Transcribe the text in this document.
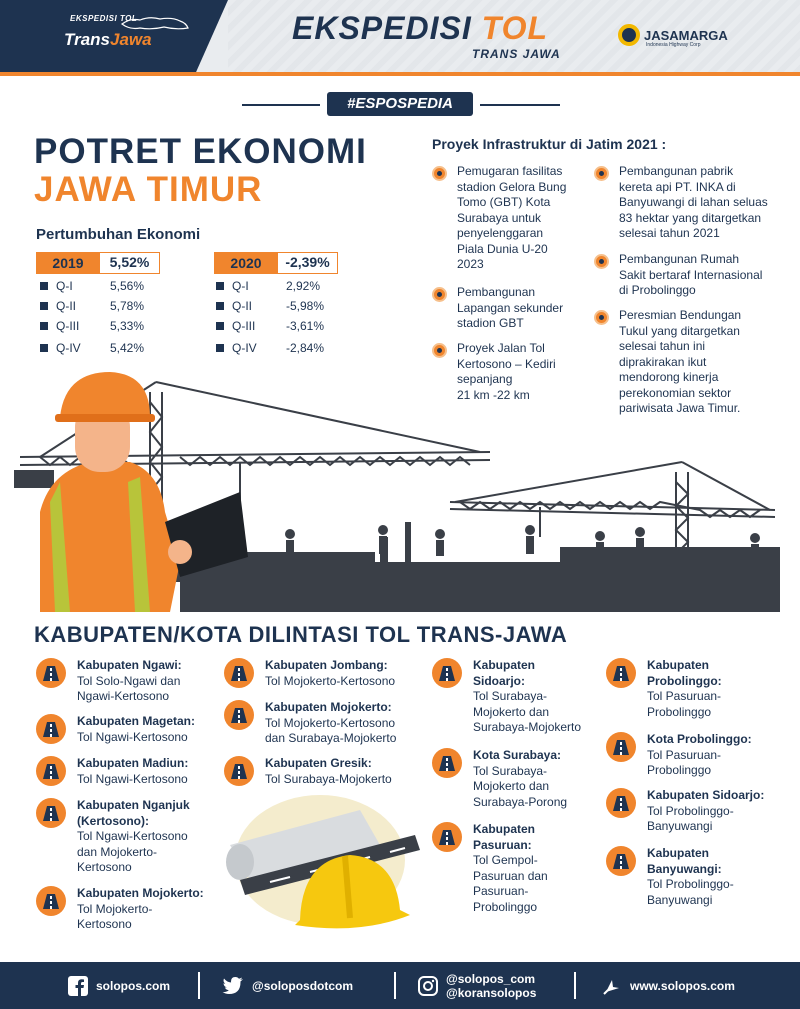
EKSPEDISI TOL
TransJawa	EKSPEDISI TOL
TRANS JAWA
JASAMARGA
Indonesia Highway Corp
#ESPOSPEDIA
POTRET EKONOMI
JAWA TIMUR
Pertumbuhan Ekonomi
2019	5,52%
Q-I	5,56%
Q-II	5,78%
Q-III	5,33%
Q-IV	5,42%
2020	-2,39%
Q-I	2,92%
Q-II	-5,98%
Q-III	-3,61%
Q-IV	-2,84%
Proyek Infrastruktur di Jatim 2021 :
Pemugaran fasilitas
stadion Gelora Bung
Tomo (GBT) Kota
Surabaya untuk
penyelenggaran
Piala Dunia U-20
2023
Pembangunan
Lapangan sekunder
stadion GBT
Proyek Jalan Tol
Kertosono – Kediri
sepanjang
21 km -22 km
Pembangunan pabrik
kereta api PT. INKA di
Banyuwangi di lahan seluas
83 hektar yang ditargetkan
selesai tahun 2021
Pembangunan Rumah
Sakit bertaraf Internasional
di Probolinggo
Peresmian Bendungan
Tukul yang ditargetkan
selesai tahun ini
diprakirakan ikut
mendorong kinerja
perekonomian sektor
pariwisata Jawa Timur.
KABUPATEN/KOTA DILINTASI TOL TRANS-JAWA
Kabupaten Ngawi:
Tol Solo-Ngawi dan
Ngawi-Kertosono
Kabupaten Magetan:
Tol Ngawi-Kertosono
Kabupaten Madiun:
Tol Ngawi-Kertosono
Kabupaten Nganjuk
(Kertosono):
Tol Ngawi-Kertosono
dan Mojokerto-
Kertosono
Kabupaten Mojokerto:
Tol Mojokerto-
Kertosono
Kabupaten Jombang:
Tol Mojokerto-Kertosono
Kabupaten Mojokerto:
Tol Mojokerto-Kertosono
dan Surabaya-Mojokerto
Kabupaten Gresik:
Tol Surabaya-Mojokerto
Kabupaten
Sidoarjo:
Tol Surabaya-
Mojokerto dan
Surabaya-Mojokerto
Kota Surabaya:
Tol Surabaya-
Mojokerto dan
Surabaya-Porong
Kabupaten
Pasuruan:
Tol Gempol-
Pasuruan dan
Pasuruan-
Probolinggo
Kabupaten
Probolinggo:
Tol Pasuruan-
Probolinggo
Kota Probolinggo:
Tol Pasuruan-
Probolinggo
Kabupaten Sidoarjo:
Tol Probolinggo-
Banyuwangi
Kabupaten
Banyuwangi:
Tol Probolinggo-
Banyuwangi
solopos.com	@soloposdotcom	@solopos_com
@koransolopos	www.solopos.com
